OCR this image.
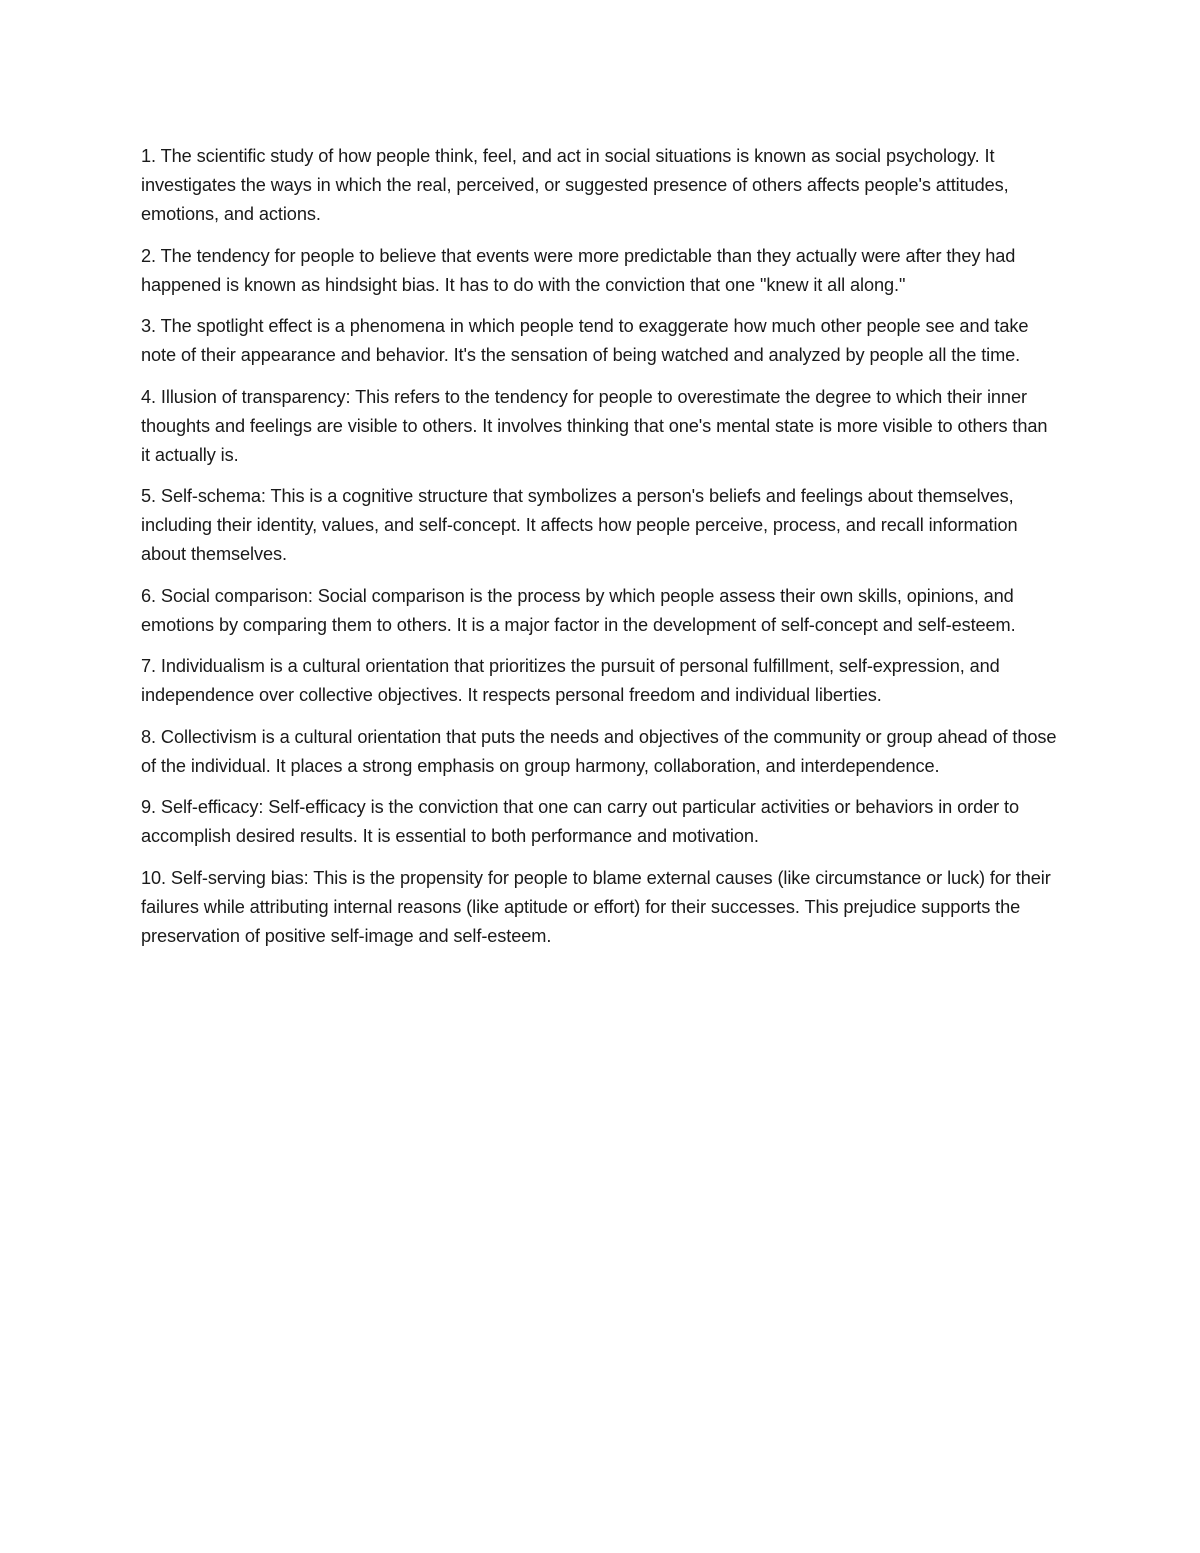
1. The scientific study of how people think, feel, and act in social situations is known as social psychology. It investigates the ways in which the real, perceived, or suggested presence of others affects people's attitudes, emotions, and actions.

2. The tendency for people to believe that events were more predictable than they actually were after they had happened is known as hindsight bias. It has to do with the conviction that one "knew it all along."

3. The spotlight effect is a phenomena in which people tend to exaggerate how much other people see and take note of their appearance and behavior. It's the sensation of being watched and analyzed by people all the time.

4. Illusion of transparency: This refers to the tendency for people to overestimate the degree to which their inner thoughts and feelings are visible to others. It involves thinking that one's mental state is more visible to others than it actually is.

5. Self-schema: This is a cognitive structure that symbolizes a person's beliefs and feelings about themselves, including their identity, values, and self-concept. It affects how people perceive, process, and recall information about themselves.

6. Social comparison: Social comparison is the process by which people assess their own skills, opinions, and emotions by comparing them to others. It is a major factor in the development of self-concept and self-esteem.

7. Individualism is a cultural orientation that prioritizes the pursuit of personal fulfillment, self-expression, and independence over collective objectives. It respects personal freedom and individual liberties.

8. Collectivism is a cultural orientation that puts the needs and objectives of the community or group ahead of those of the individual. It places a strong emphasis on group harmony, collaboration, and interdependence.

9. Self-efficacy: Self-efficacy is the conviction that one can carry out particular activities or behaviors in order to accomplish desired results. It is essential to both performance and motivation.

10. Self-serving bias: This is the propensity for people to blame external causes (like circumstance or luck) for their failures while attributing internal reasons (like aptitude or effort) for their successes. This prejudice supports the preservation of positive self-image and self-esteem.
